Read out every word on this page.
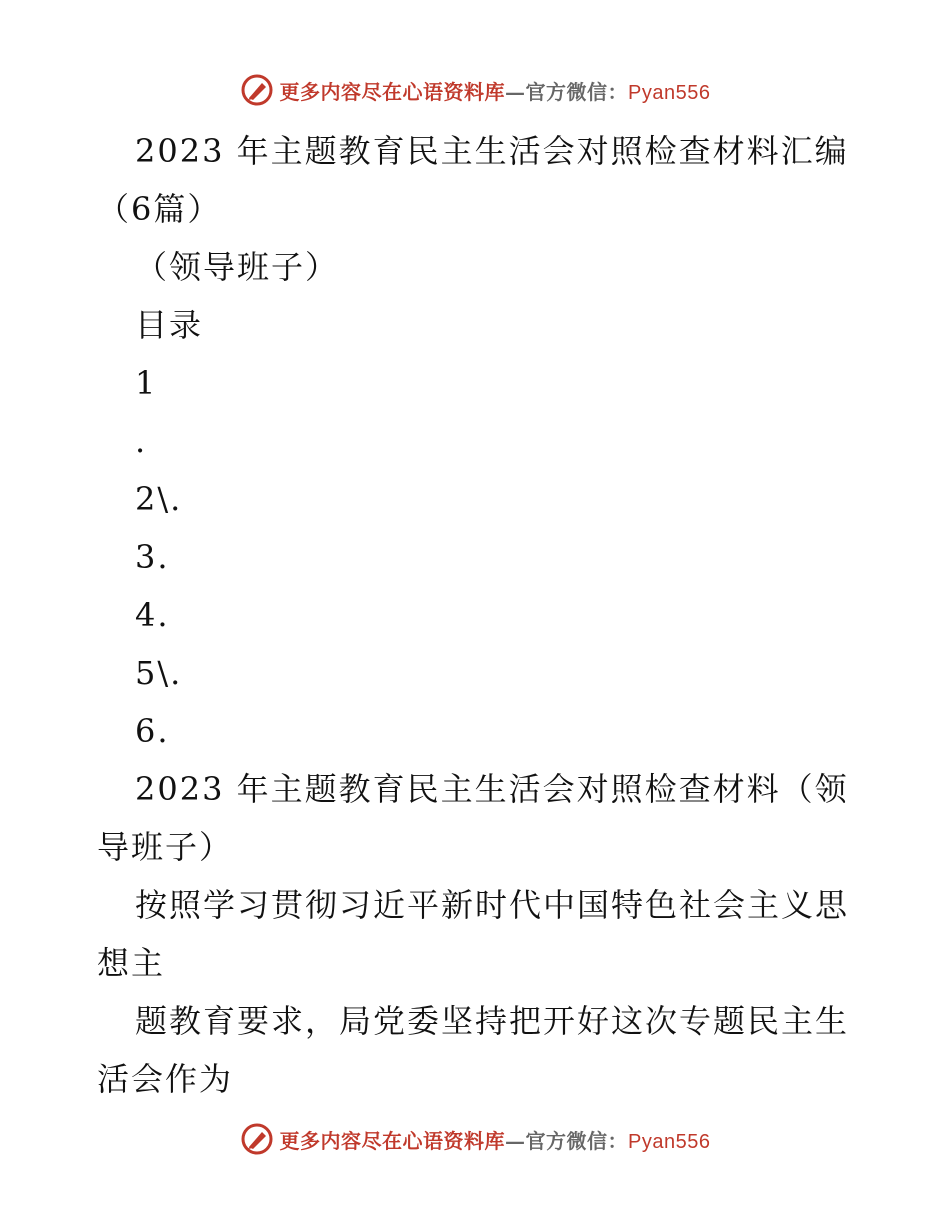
更多内容尽在心语资料库—官方微信：Pyan556
2023 年主题教育民主生活会对照检查材料汇编
（6篇）
（领导班子）
目录
1
.
2\.
3.
4.
5\.
6.
2023 年主题教育民主生活会对照检查材料（领
导班子）
按照学习贯彻习近平新时代中国特色社会主义思
想主
题教育要求，局党委坚持把开好这次专题民主生
活会作为
更多内容尽在心语资料库—官方微信：Pyan556
